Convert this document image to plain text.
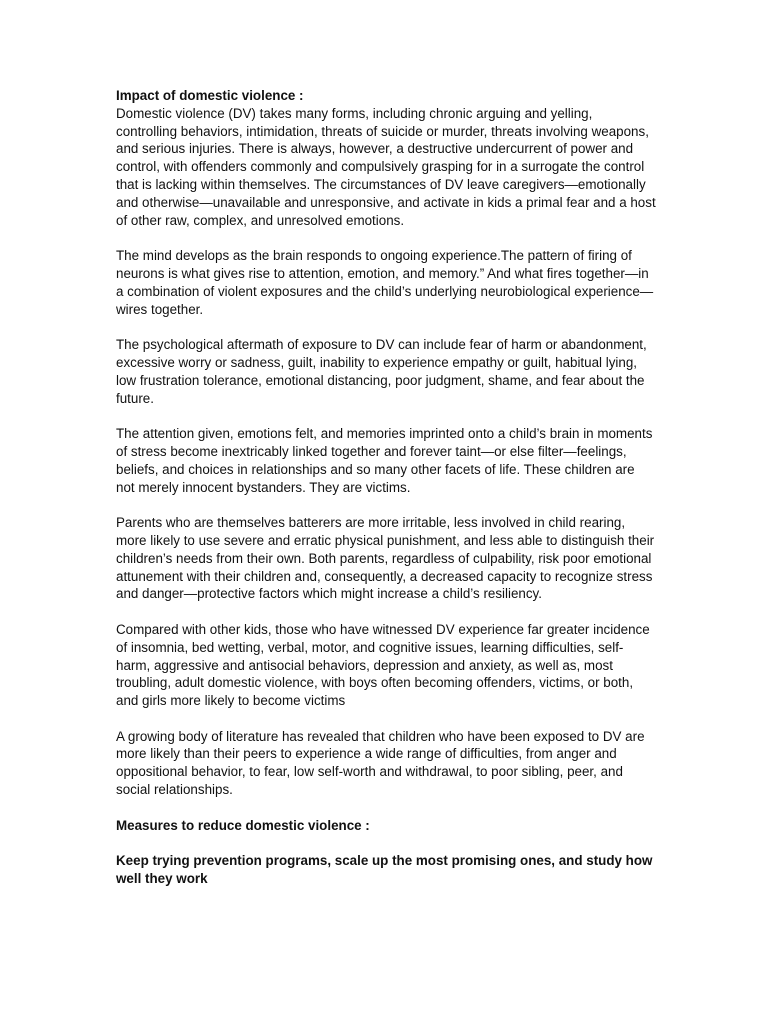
Impact of domestic violence :

Domestic violence (DV) takes many forms, including chronic arguing and yelling, controlling behaviors, intimidation, threats of suicide or murder, threats involving weapons, and serious injuries. There is always, however, a destructive undercurrent of power and control, with offenders commonly and compulsively grasping for in a surrogate the control that is lacking within themselves. The circumstances of DV leave caregivers—emotionally and otherwise—unavailable and unresponsive, and activate in kids a primal fear and a host of other raw, complex, and unresolved emotions.

The mind develops as the brain responds to ongoing experience.The pattern of firing of neurons is what gives rise to attention, emotion, and memory.” And what fires together—in a combination of violent exposures and the child’s underlying neurobiological experience—wires together.

The psychological aftermath of exposure to DV can include fear of harm or abandonment, excessive worry or sadness, guilt, inability to experience empathy or guilt, habitual lying, low frustration tolerance, emotional distancing, poor judgment, shame, and fear about the future.

The attention given, emotions felt, and memories imprinted onto a child’s brain in moments of stress become inextricably linked together and forever taint—or else filter—feelings, beliefs, and choices in relationships and so many other facets of life. These children are not merely innocent bystanders. They are victims.

Parents who are themselves batterers are more irritable, less involved in child rearing, more likely to use severe and erratic physical punishment, and less able to distinguish their children’s needs from their own. Both parents, regardless of culpability, risk poor emotional attunement with their children and, consequently, a decreased capacity to recognize stress and danger—protective factors which might increase a child’s resiliency.

Compared with other kids, those who have witnessed DV experience far greater incidence of insomnia, bed wetting, verbal, motor, and cognitive issues, learning difficulties, self-harm, aggressive and antisocial behaviors, depression and anxiety, as well as, most troubling, adult domestic violence, with boys often becoming offenders, victims, or both, and girls more likely to become victims

A growing body of literature has revealed that children who have been exposed to DV are more likely than their peers to experience a wide range of difficulties, from anger and oppositional behavior, to fear, low self-worth and withdrawal, to poor sibling, peer, and social relationships.

Measures to reduce domestic violence :

Keep trying prevention programs, scale up the most promising ones, and study how well they work
